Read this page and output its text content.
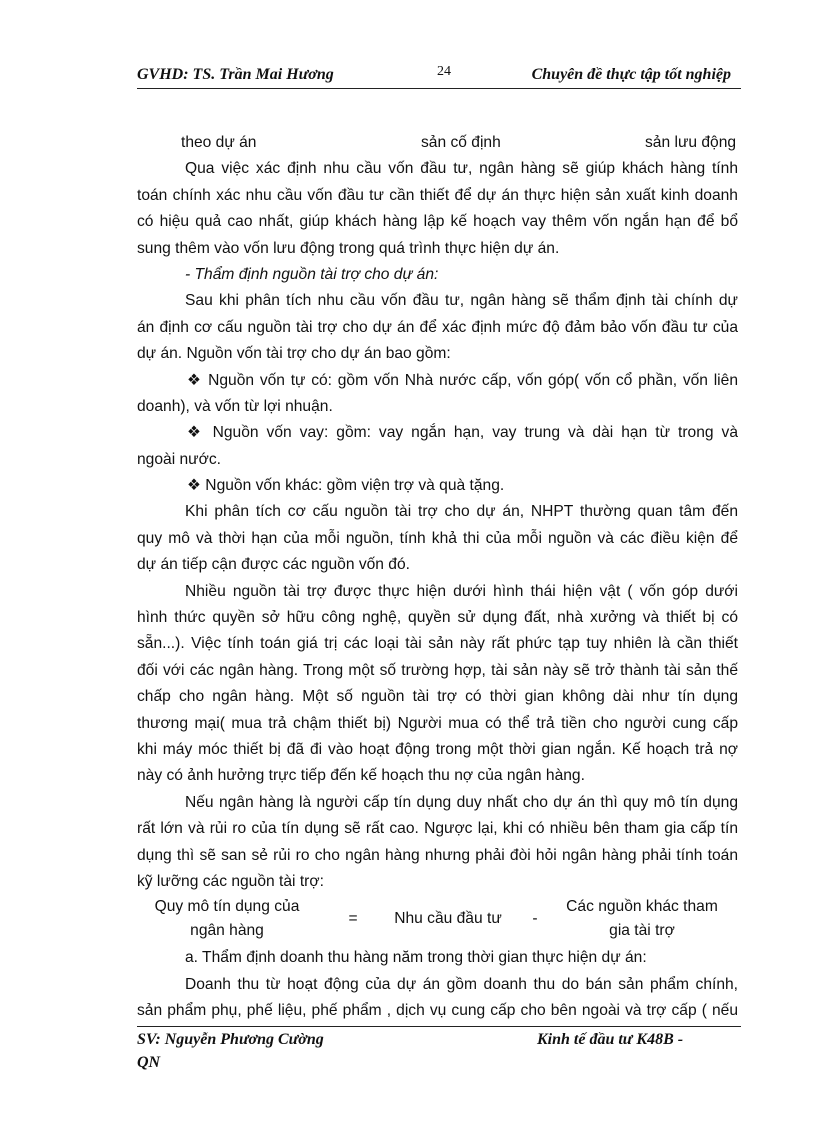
GVHD: TS. Trần Mai Hương	24	Chuyên đề thực tập tốt nghiệp
theo dự án	sản cố định	sản lưu động
Qua việc xác định nhu cầu vốn đầu tư, ngân hàng sẽ giúp khách hàng tính
toán chính xác nhu cầu vốn đầu tư cần thiết để dự án thực hiện sản xuất kinh doanh
có hiệu quả cao nhất, giúp khách hàng lập kế hoạch vay thêm vốn ngắn hạn để bổ
sung thêm vào vốn lưu động trong quá trình thực hiện dự án.
- Thẩm định nguồn tài trợ cho dự án:
Sau khi phân tích nhu cầu vốn đầu tư, ngân hàng sẽ thẩm định tài chính dự
án định cơ cấu nguồn tài trợ cho dự án để xác định mức độ đảm bảo vốn đầu tư của
dự án. Nguồn vốn tài trợ cho dự án bao gồm:
❖ Nguồn vốn tự có: gồm vốn Nhà nước cấp, vốn góp( vốn cổ phần, vốn liên
doanh), và vốn từ lợi nhuận.
❖ Nguồn vốn vay: gồm: vay ngắn hạn, vay trung và dài hạn từ trong và
ngoài nước.
❖ Nguồn vốn khác: gồm viện trợ và quà tặng.
Khi phân tích cơ cấu nguồn tài trợ cho dự án, NHPT thường quan tâm đến
quy mô và thời hạn của mỗi nguồn, tính khả thi của mỗi nguồn và các điều kiện để
dự án tiếp cận được các nguồn vốn đó.
Nhiều nguồn tài trợ được thực hiện dưới hình thái hiện vật ( vốn góp dưới
hình thức quyền sở hữu công nghệ, quyền sử dụng đất, nhà xưởng và thiết bị có
sẵn...). Việc tính toán giá trị các loại tài sản này rất phức tạp tuy nhiên là cần thiết
đối với các ngân hàng. Trong một số trường hợp, tài sản này sẽ trở thành tài sản thế
chấp cho ngân hàng. Một số nguồn tài trợ có thời gian không dài như tín dụng
thương mại( mua trả chậm thiết bị) Người mua có thể trả tiền cho người cung cấp
khi máy móc thiết bị đã đi vào hoạt động trong một thời gian ngắn. Kế hoạch trả nợ
này có ảnh hưởng trực tiếp đến kế hoạch thu nợ của ngân hàng.
Nếu ngân hàng là người cấp tín dụng duy nhất cho dự án thì quy mô tín dụng
rất lớn và rủi ro của tín dụng sẽ rất cao. Ngược lại, khi có nhiều bên tham gia cấp tín
dụng thì sẽ san sẻ rủi ro cho ngân hàng nhưng phải đòi hỏi ngân hàng phải tính toán
kỹ lưỡng các nguồn tài trợ:
Quy mô tín dụng của
ngân hàng
=	Nhu cầu đầu tư	-
Các nguồn khác tham
gia tài trợ
a. Thẩm định doanh thu hàng năm trong thời gian thực hiện dự án:
Doanh thu từ hoạt động của dự án gồm doanh thu do bán sản phẩm chính,
sản phẩm phụ, phế liệu, phế phẩm , dịch vụ cung cấp cho bên ngoài và trợ cấp ( nếu
SV: Nguyễn Phương Cường
QN
Kinh tế đầu tư K48B -
